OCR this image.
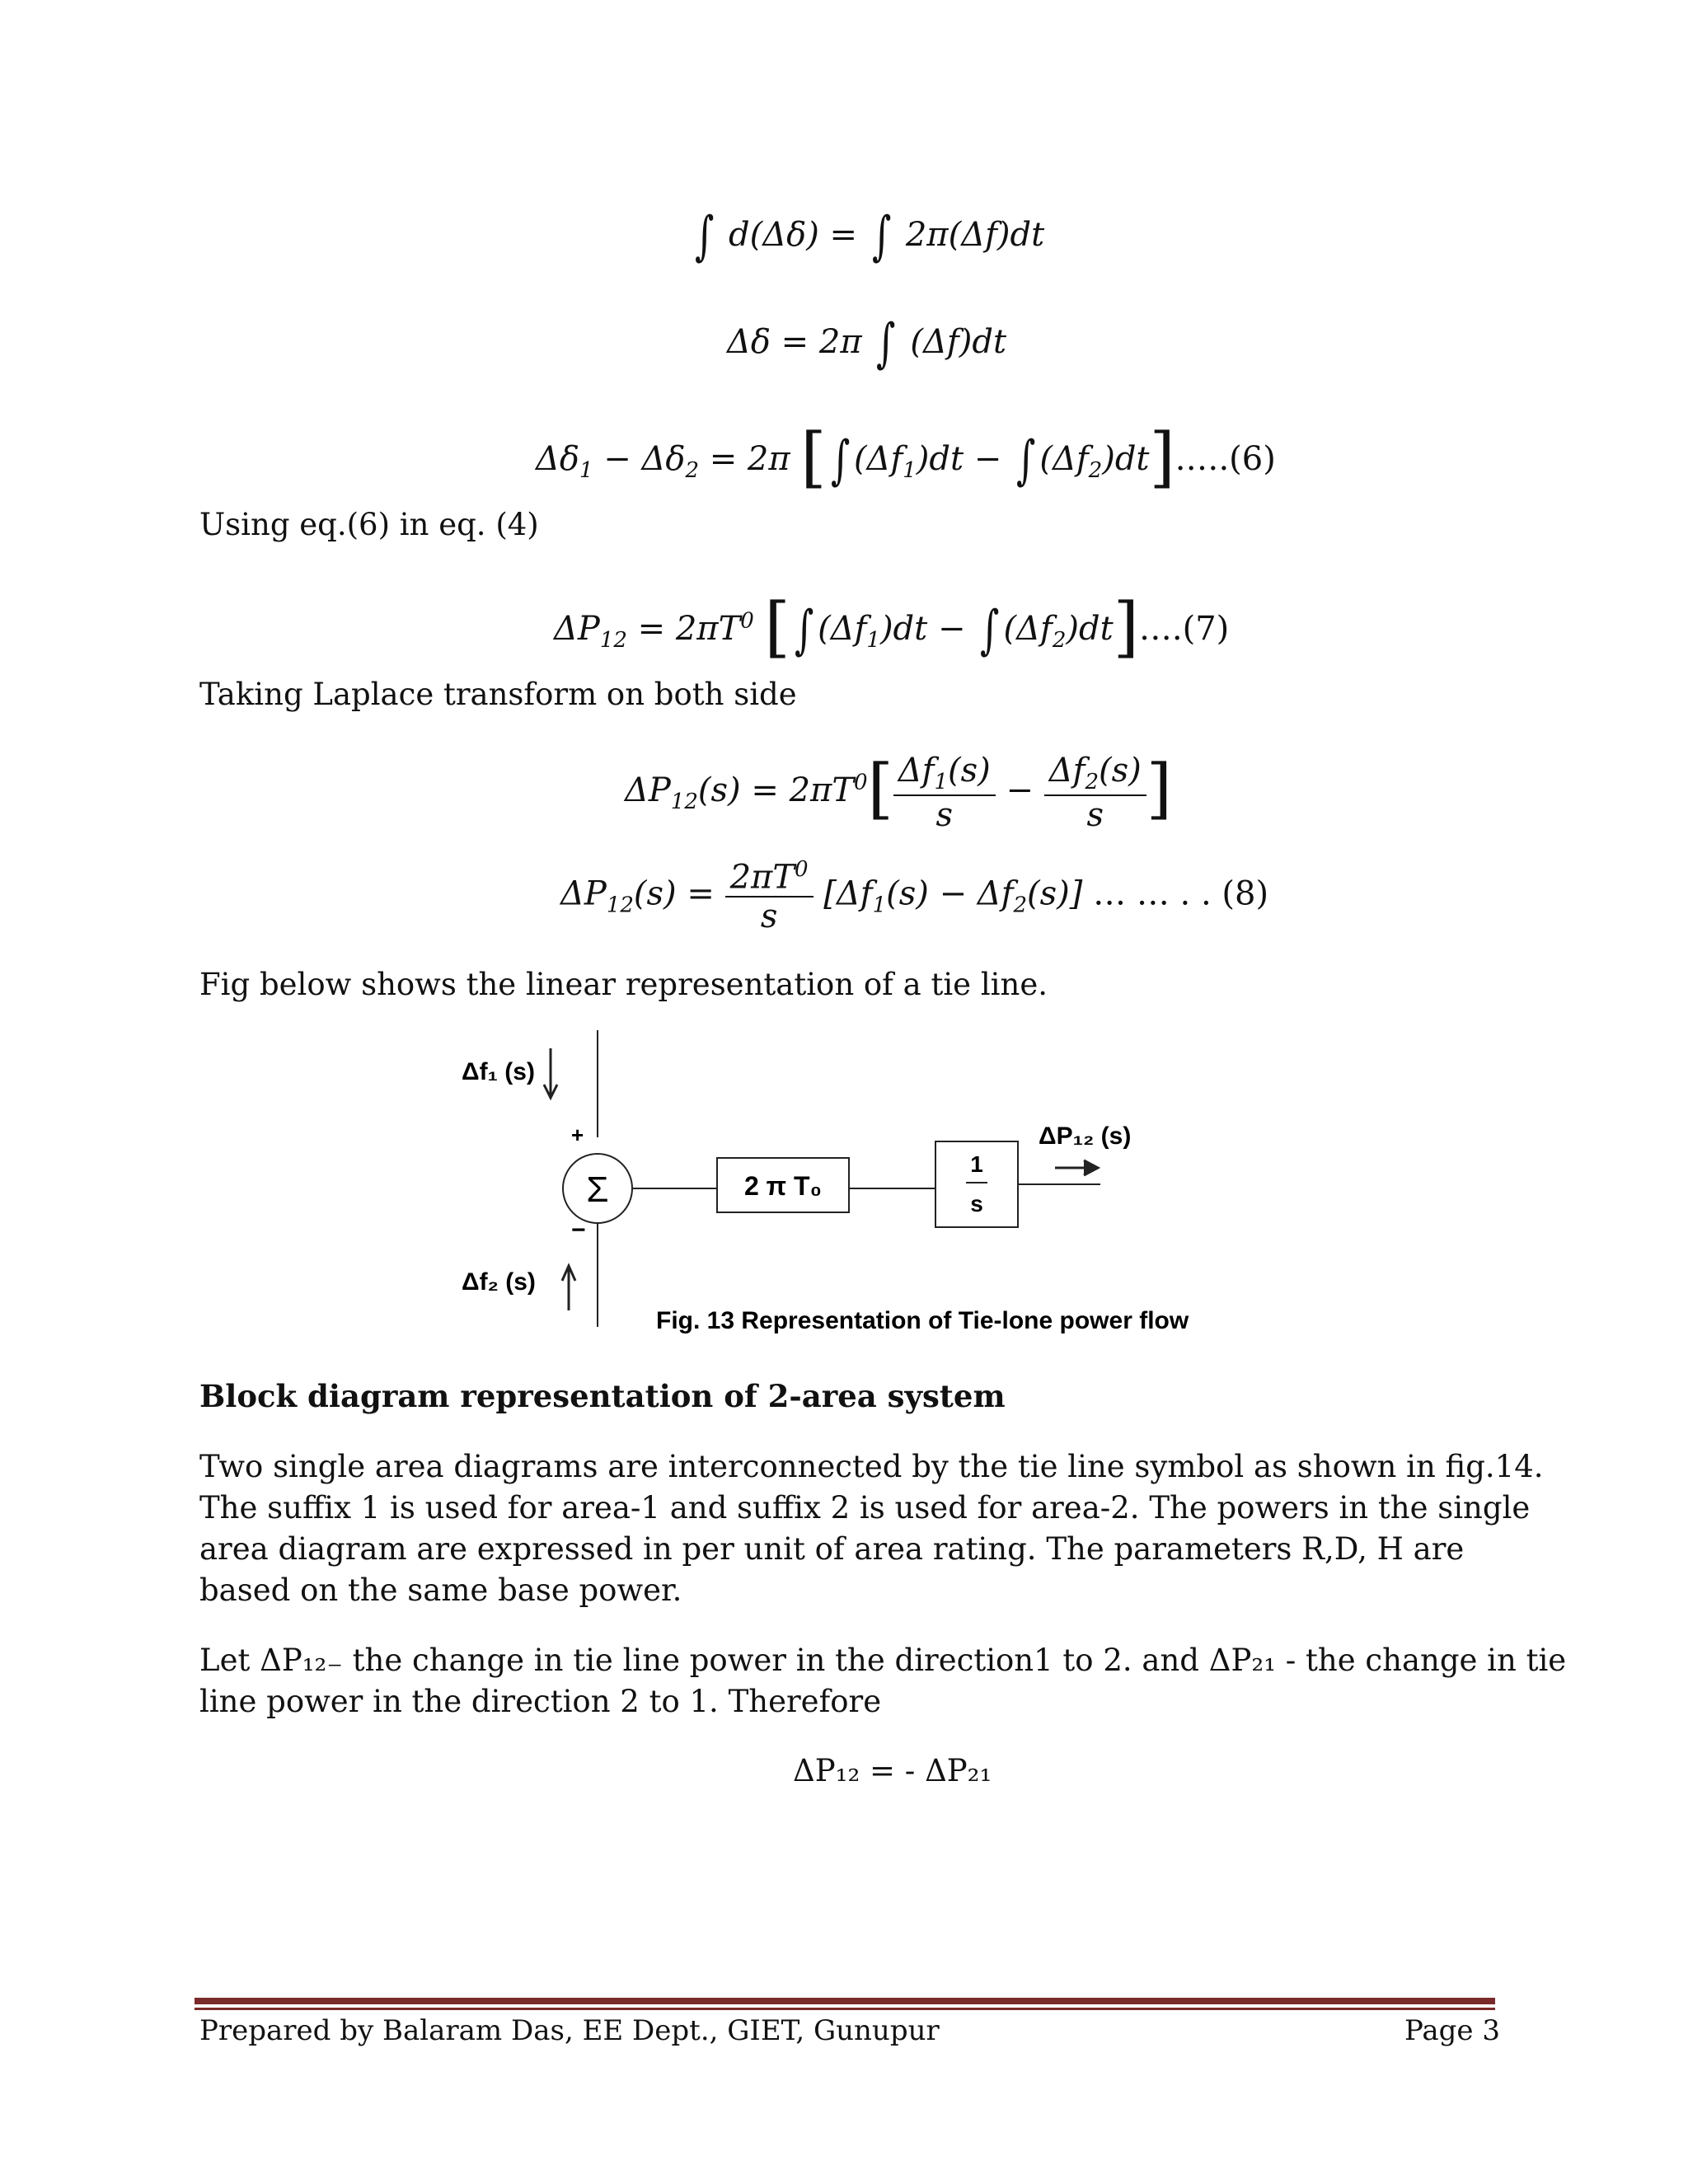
∫ d(Δδ) = ∫ 2π(Δf)dt
Δδ = 2π ∫ (Δf)dt
$\Delta\delta_1 - \Delta\delta_2 = 2\pi$ [∫ $(\Delta f_1)dt$ − ∫ $(\Delta f_2)dt].\dots.(6)$
Using eq.(6) in eq. (4)
$\Delta P_{12} = 2\pi T^0$ [∫ $(\Delta f_1)dt$ − ∫ $(\Delta f_2)dt]\dots.(7)$
Taking Laplace transform on both side
$\Delta P_{12}(s) = 2\pi T^0[ \frac{\Delta f_1(s)}{s} - \frac{\Delta f_2(s)}{s}$ ]
$\Delta P_{12}(s) = \frac{2\pi T^0}{s} [\Delta f_1(s) - \Delta f_2(s)]$ … … . . (8)
Fig below shows the linear representation of a tie line.
Σ
Δf₁ (s)
Δf₂ (s)
+
−
2 π T₀
1
s
ΔP₁₂ (s)
Fig. 13 Representation of Tie-lone power flow
Block diagram representation of 2-area system
Two single area diagrams are interconnected by the tie line symbol as shown in fig.14.
The suffix 1 is used for area-1 and suffix 2 is used for area-2. The powers in the single
area diagram are expressed in per unit of area rating. The parameters R,D, H are
based on the same base power.
Let ΔP₁₂₋ the change in tie line power in the direction1 to 2. and ΔP₂₁ - the change in tie
line power in the direction 2 to 1. Therefore
ΔP₁₂ = - ΔP₂₁
Prepared by Balaram Das, EE Dept., GIET, Gunupur	Page 3
